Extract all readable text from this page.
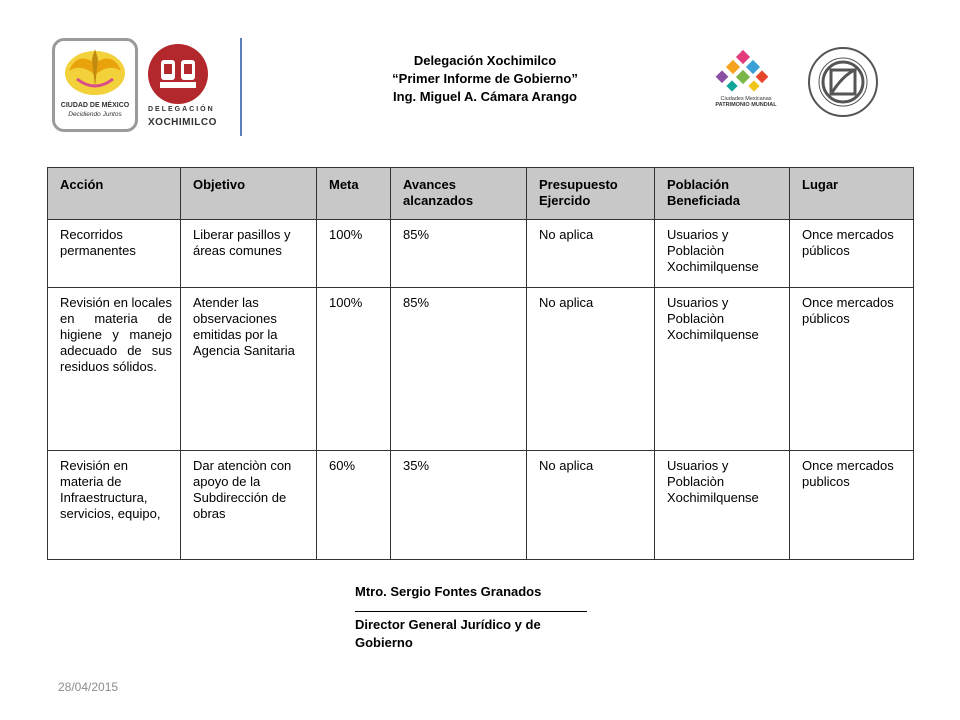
CIUDAD DE MÉXICO
Decidiendo Juntos
DELEGACIÓN
XOCHIMILCO
Delegación Xochimilco
“Primer Informe de Gobierno”
Ing. Miguel A. Cámara Arango	Ciudades Mexicanas
PATRIMONIO MUNDIAL
Acción	Objetivo	Meta	Avances alcanzados	Presupuesto Ejercido	Población Beneficiada	Lugar
Recorridos permanentes	Liberar pasillos y áreas comunes	100%	85%	No aplica	Usuarios y Poblaciòn Xochimilquense	Once mercados públicos
Revisión en locales en materia de higiene y manejo adecuado de sus residuos sólidos.	Atender las observaciones emitidas por la Agencia Sanitaria	100%	85%	No aplica	Usuarios y Poblaciòn Xochimilquense	Once mercados públicos
Revisión en materia de Infraestructura, servicios, equipo,	Dar atenciòn con apoyo de la Subdirección de obras	60%	35%	No aplica	Usuarios y Poblaciòn Xochimilquense	Once mercados publicos
Mtro. Sergio Fontes Granados
Director General Jurídico y de Gobierno
28/04/2015
